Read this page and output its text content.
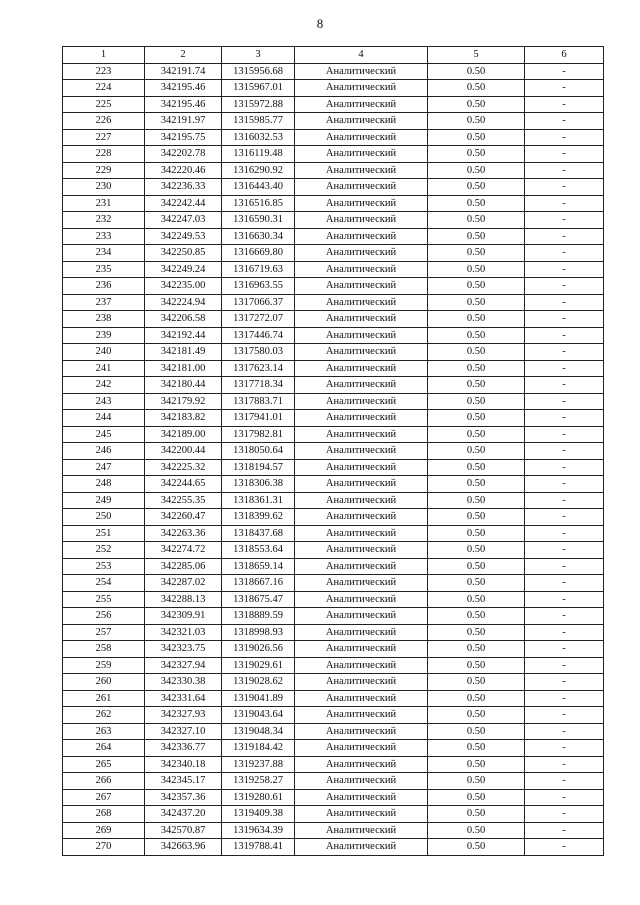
8
1	2	3	4	5	6
223	342191.74	1315956.68	Аналитический	0.50	-
224	342195.46	1315967.01	Аналитический	0.50	-
225	342195.46	1315972.88	Аналитический	0.50	-
226	342191.97	1315985.77	Аналитический	0.50	-
227	342195.75	1316032.53	Аналитический	0.50	-
228	342202.78	1316119.48	Аналитический	0.50	-
229	342220.46	1316290.92	Аналитический	0.50	-
230	342236.33	1316443.40	Аналитический	0.50	-
231	342242.44	1316516.85	Аналитический	0.50	-
232	342247.03	1316590.31	Аналитический	0.50	-
233	342249.53	1316630.34	Аналитический	0.50	-
234	342250.85	1316669.80	Аналитический	0.50	-
235	342249.24	1316719.63	Аналитический	0.50	-
236	342235.00	1316963.55	Аналитический	0.50	-
237	342224.94	1317066.37	Аналитический	0.50	-
238	342206.58	1317272.07	Аналитический	0.50	-
239	342192.44	1317446.74	Аналитический	0.50	-
240	342181.49	1317580.03	Аналитический	0.50	-
241	342181.00	1317623.14	Аналитический	0.50	-
242	342180.44	1317718.34	Аналитический	0.50	-
243	342179.92	1317883.71	Аналитический	0.50	-
244	342183.82	1317941.01	Аналитический	0.50	-
245	342189.00	1317982.81	Аналитический	0.50	-
246	342200.44	1318050.64	Аналитический	0.50	-
247	342225.32	1318194.57	Аналитический	0.50	-
248	342244.65	1318306.38	Аналитический	0.50	-
249	342255.35	1318361.31	Аналитический	0.50	-
250	342260.47	1318399.62	Аналитический	0.50	-
251	342263.36	1318437.68	Аналитический	0.50	-
252	342274.72	1318553.64	Аналитический	0.50	-
253	342285.06	1318659.14	Аналитический	0.50	-
254	342287.02	1318667.16	Аналитический	0.50	-
255	342288.13	1318675.47	Аналитический	0.50	-
256	342309.91	1318889.59	Аналитический	0.50	-
257	342321.03	1318998.93	Аналитический	0.50	-
258	342323.75	1319026.56	Аналитический	0.50	-
259	342327.94	1319029.61	Аналитический	0.50	-
260	342330.38	1319028.62	Аналитический	0.50	-
261	342331.64	1319041.89	Аналитический	0.50	-
262	342327.93	1319043.64	Аналитический	0.50	-
263	342327.10	1319048.34	Аналитический	0.50	-
264	342336.77	1319184.42	Аналитический	0.50	-
265	342340.18	1319237.88	Аналитический	0.50	-
266	342345.17	1319258.27	Аналитический	0.50	-
267	342357.36	1319280.61	Аналитический	0.50	-
268	342437.20	1319409.38	Аналитический	0.50	-
269	342570.87	1319634.39	Аналитический	0.50	-
270	342663.96	1319788.41	Аналитический	0.50	-
